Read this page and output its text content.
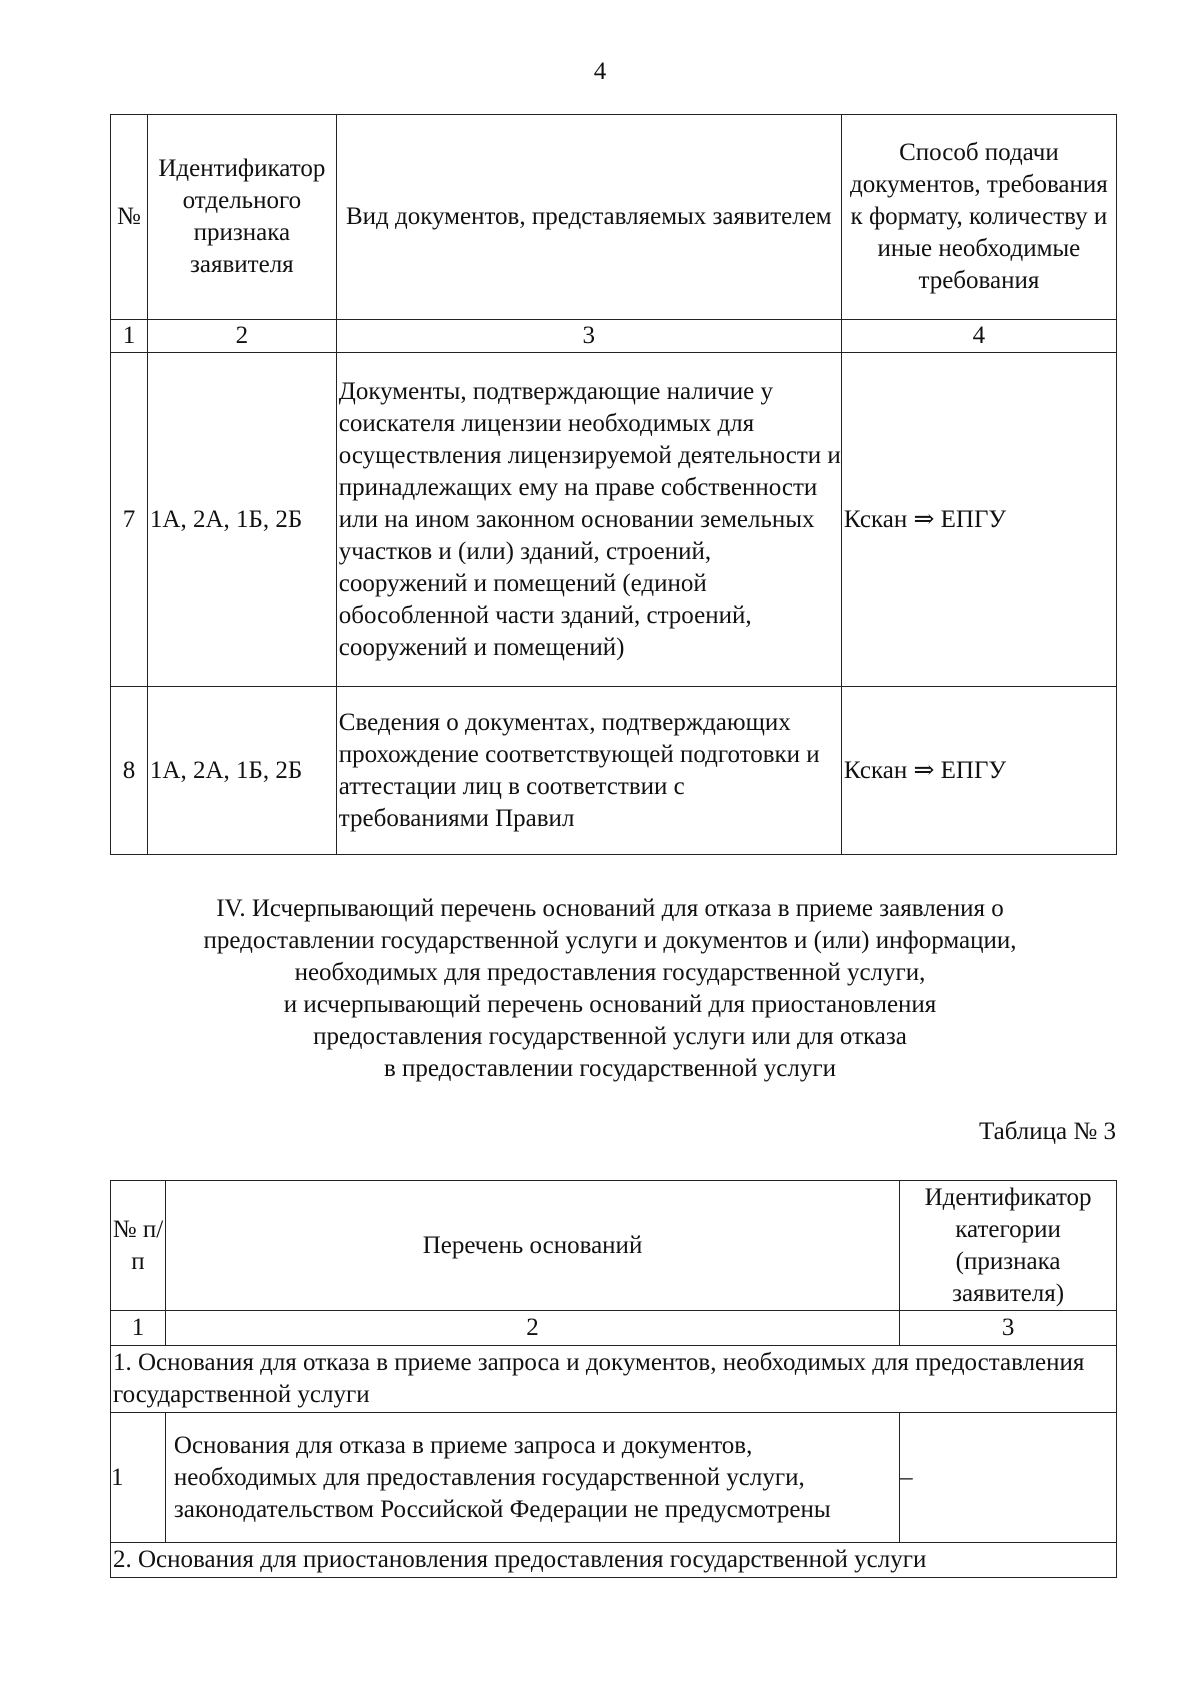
4
№	Идентификатор отдельного признака заявителя	Вид документов, представляемых заявителем	Способ подачи документов, требования к формату, количеству и иные необходимые требования
1	2	3	4
7	1А, 2А, 1Б, 2Б	Документы, подтверждающие наличие у соискателя лицензии необходимых для осуществления лицензируемой деятельности и принадлежащих ему на праве собственности или на ином законном основании земельных участков и (или) зданий, строений, сооружений и помещений (единой обособленной части зданий, строений, сооружений и помещений)	Кскан ⇒ ЕПГУ
8	1А, 2А, 1Б, 2Б	Сведения о документах, подтверждающих прохождение соответствующей подготовки и аттестации лиц в соответствии с требованиями Правил	Кскан ⇒ ЕПГУ
IV. Исчерпывающий перечень оснований для отказа в приеме заявления о
предоставлении государственной услуги и документов и (или) информации,
необходимых для предоставления государственной услуги,
и исчерпывающий перечень оснований для приостановления
предоставления государственной услуги или для отказа
в предоставлении государственной услуги
Таблица № 3
№ п/п	Перечень оснований	Идентификатор категории (признака заявителя)
1	2	3
1. Основания для отказа в приеме запроса и документов, необходимых для предоставления государственной услуги		
1	Основания для отказа в приеме запроса и документов, необходимых для предоставления государственной услуги, законодательством Российской Федерации не предусмотрены	–
2. Основания для приостановления предоставления государственной услуги		
